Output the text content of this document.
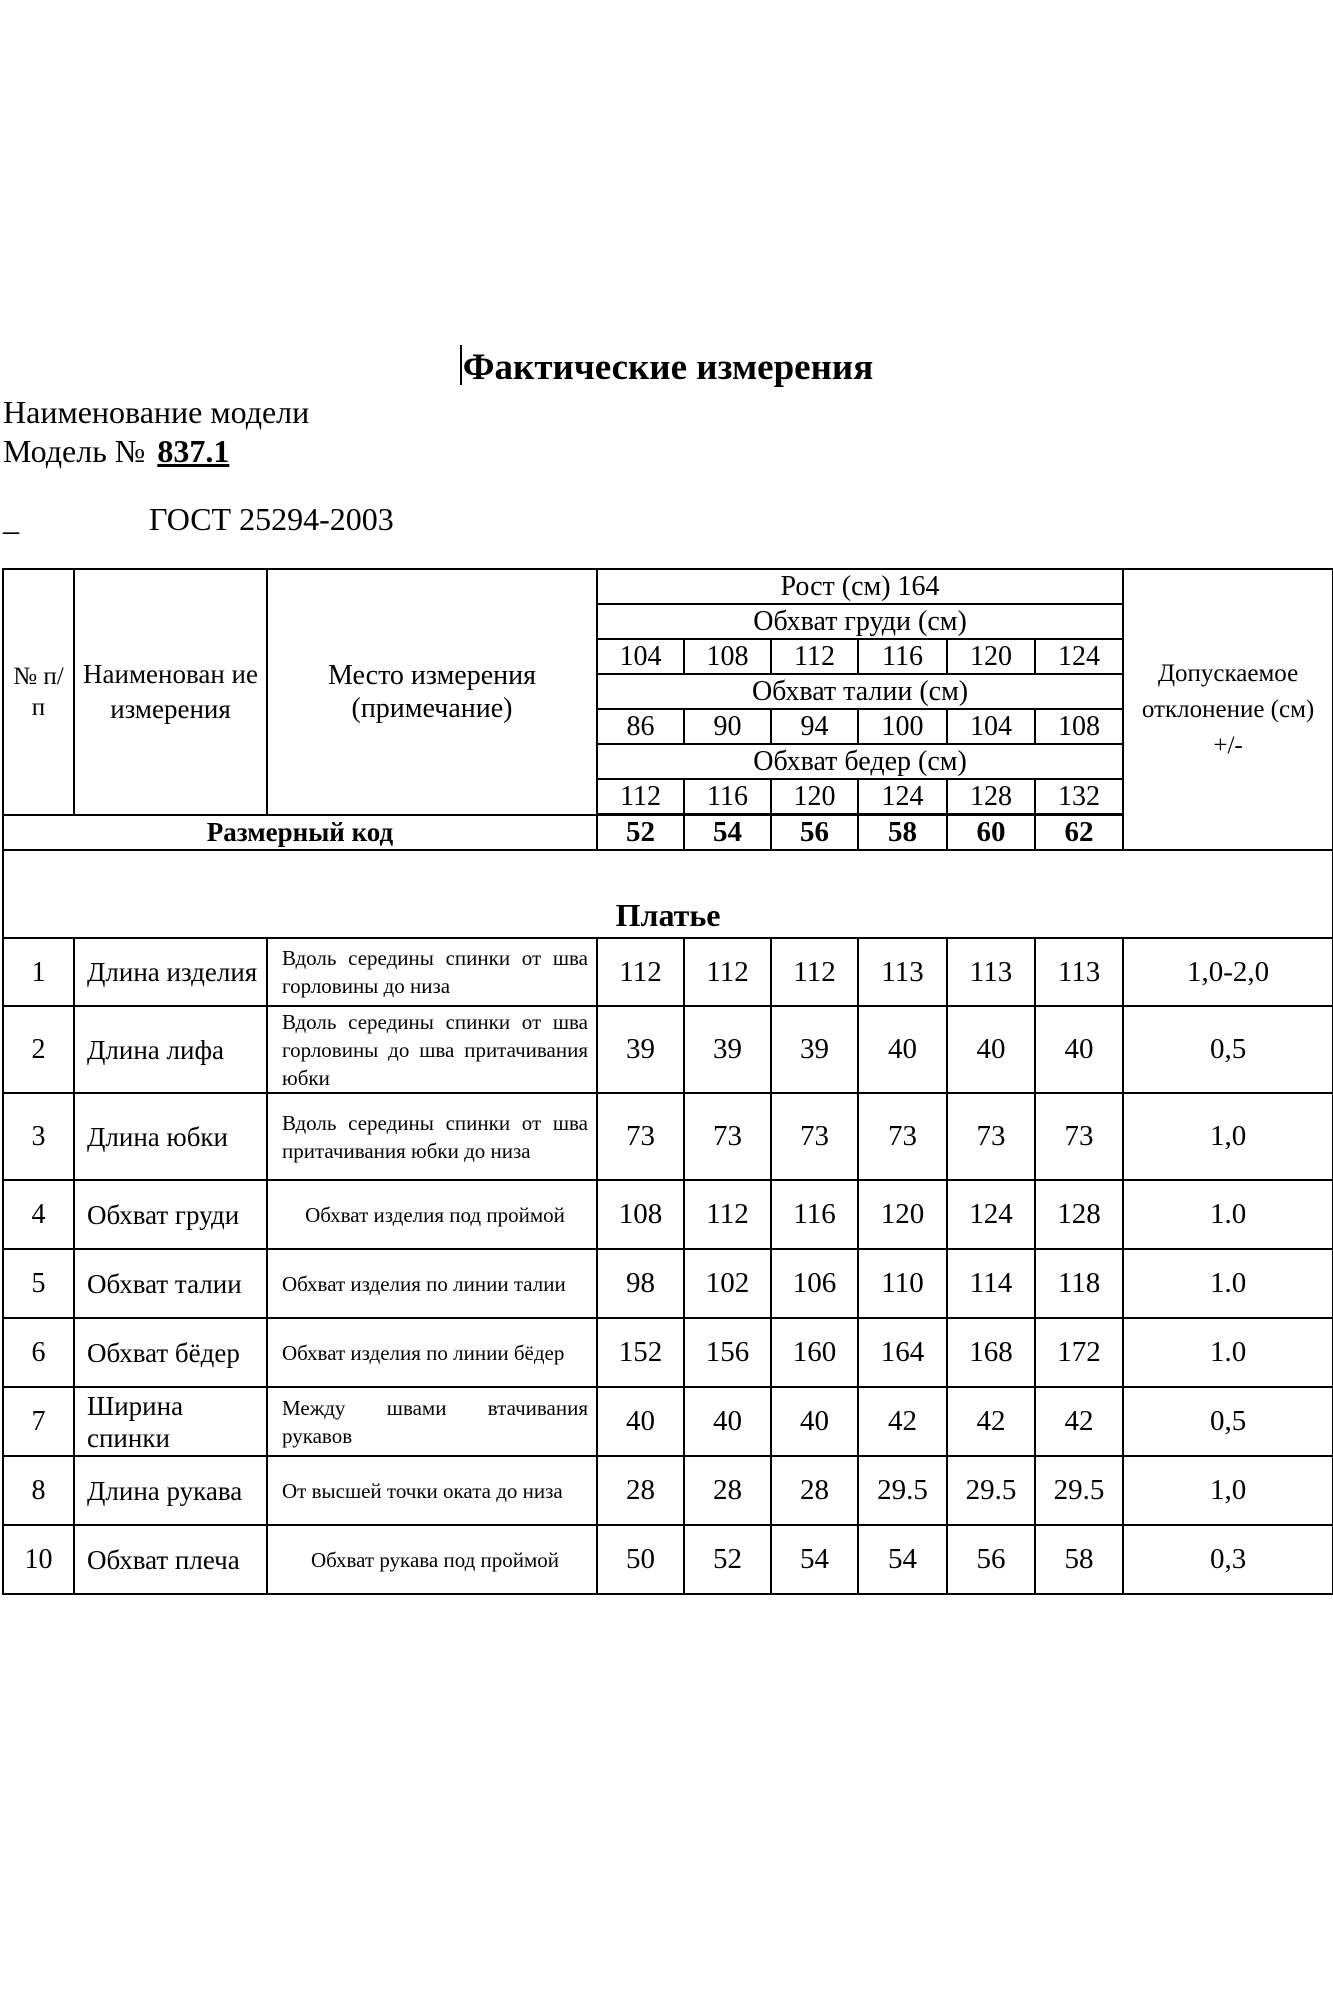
Фактические измерения
Наименование модели
Модель № 837.1
_	ГОСТ 25294-2003
№ п/п	Наименован ие измерения	Место измерения (примечание)	Рост (см) 164						Допускаемое отклонение (см) +/-
			Обхват груди (см)						
			104	108	112	116	120	124	
			Обхват талии (см)						
			86	90	94	100	104	108	
			Обхват бедер (см)						
			112	116	120	124	128	132	

Размерный код			52	54	56	58	60	62	
Платье									
1	Длина изделия	Вдоль середины спинки от шва горловины до низа	112	112	112	113	113	113	1,0-2,0
2	Длина лифа	Вдоль середины спинки от шва горловины до шва притачивания юбки	39	39	39	40	40	40	0,5
3	Длина юбки	Вдоль середины спинки от шва притачивания юбки до низа	73	73	73	73	73	73	1,0
4	Обхват груди	Обхват изделия под проймой	108	112	116	120	124	128	1.0
5	Обхват талии	Обхват изделия по линии талии	98	102	106	110	114	118	1.0
6	Обхват бёдер	Обхват изделия по линии бёдер	152	156	160	164	168	172	1.0
7	Ширина спинки	Между швами втачивания рукавов	40	40	40	42	42	42	0,5
8	Длина рукава	От высшей точки оката до низа	28	28	28	29.5	29.5	29.5	1,0
10	Обхват плеча	Обхват рукава под проймой	50	52	54	54	56	58	0,3
